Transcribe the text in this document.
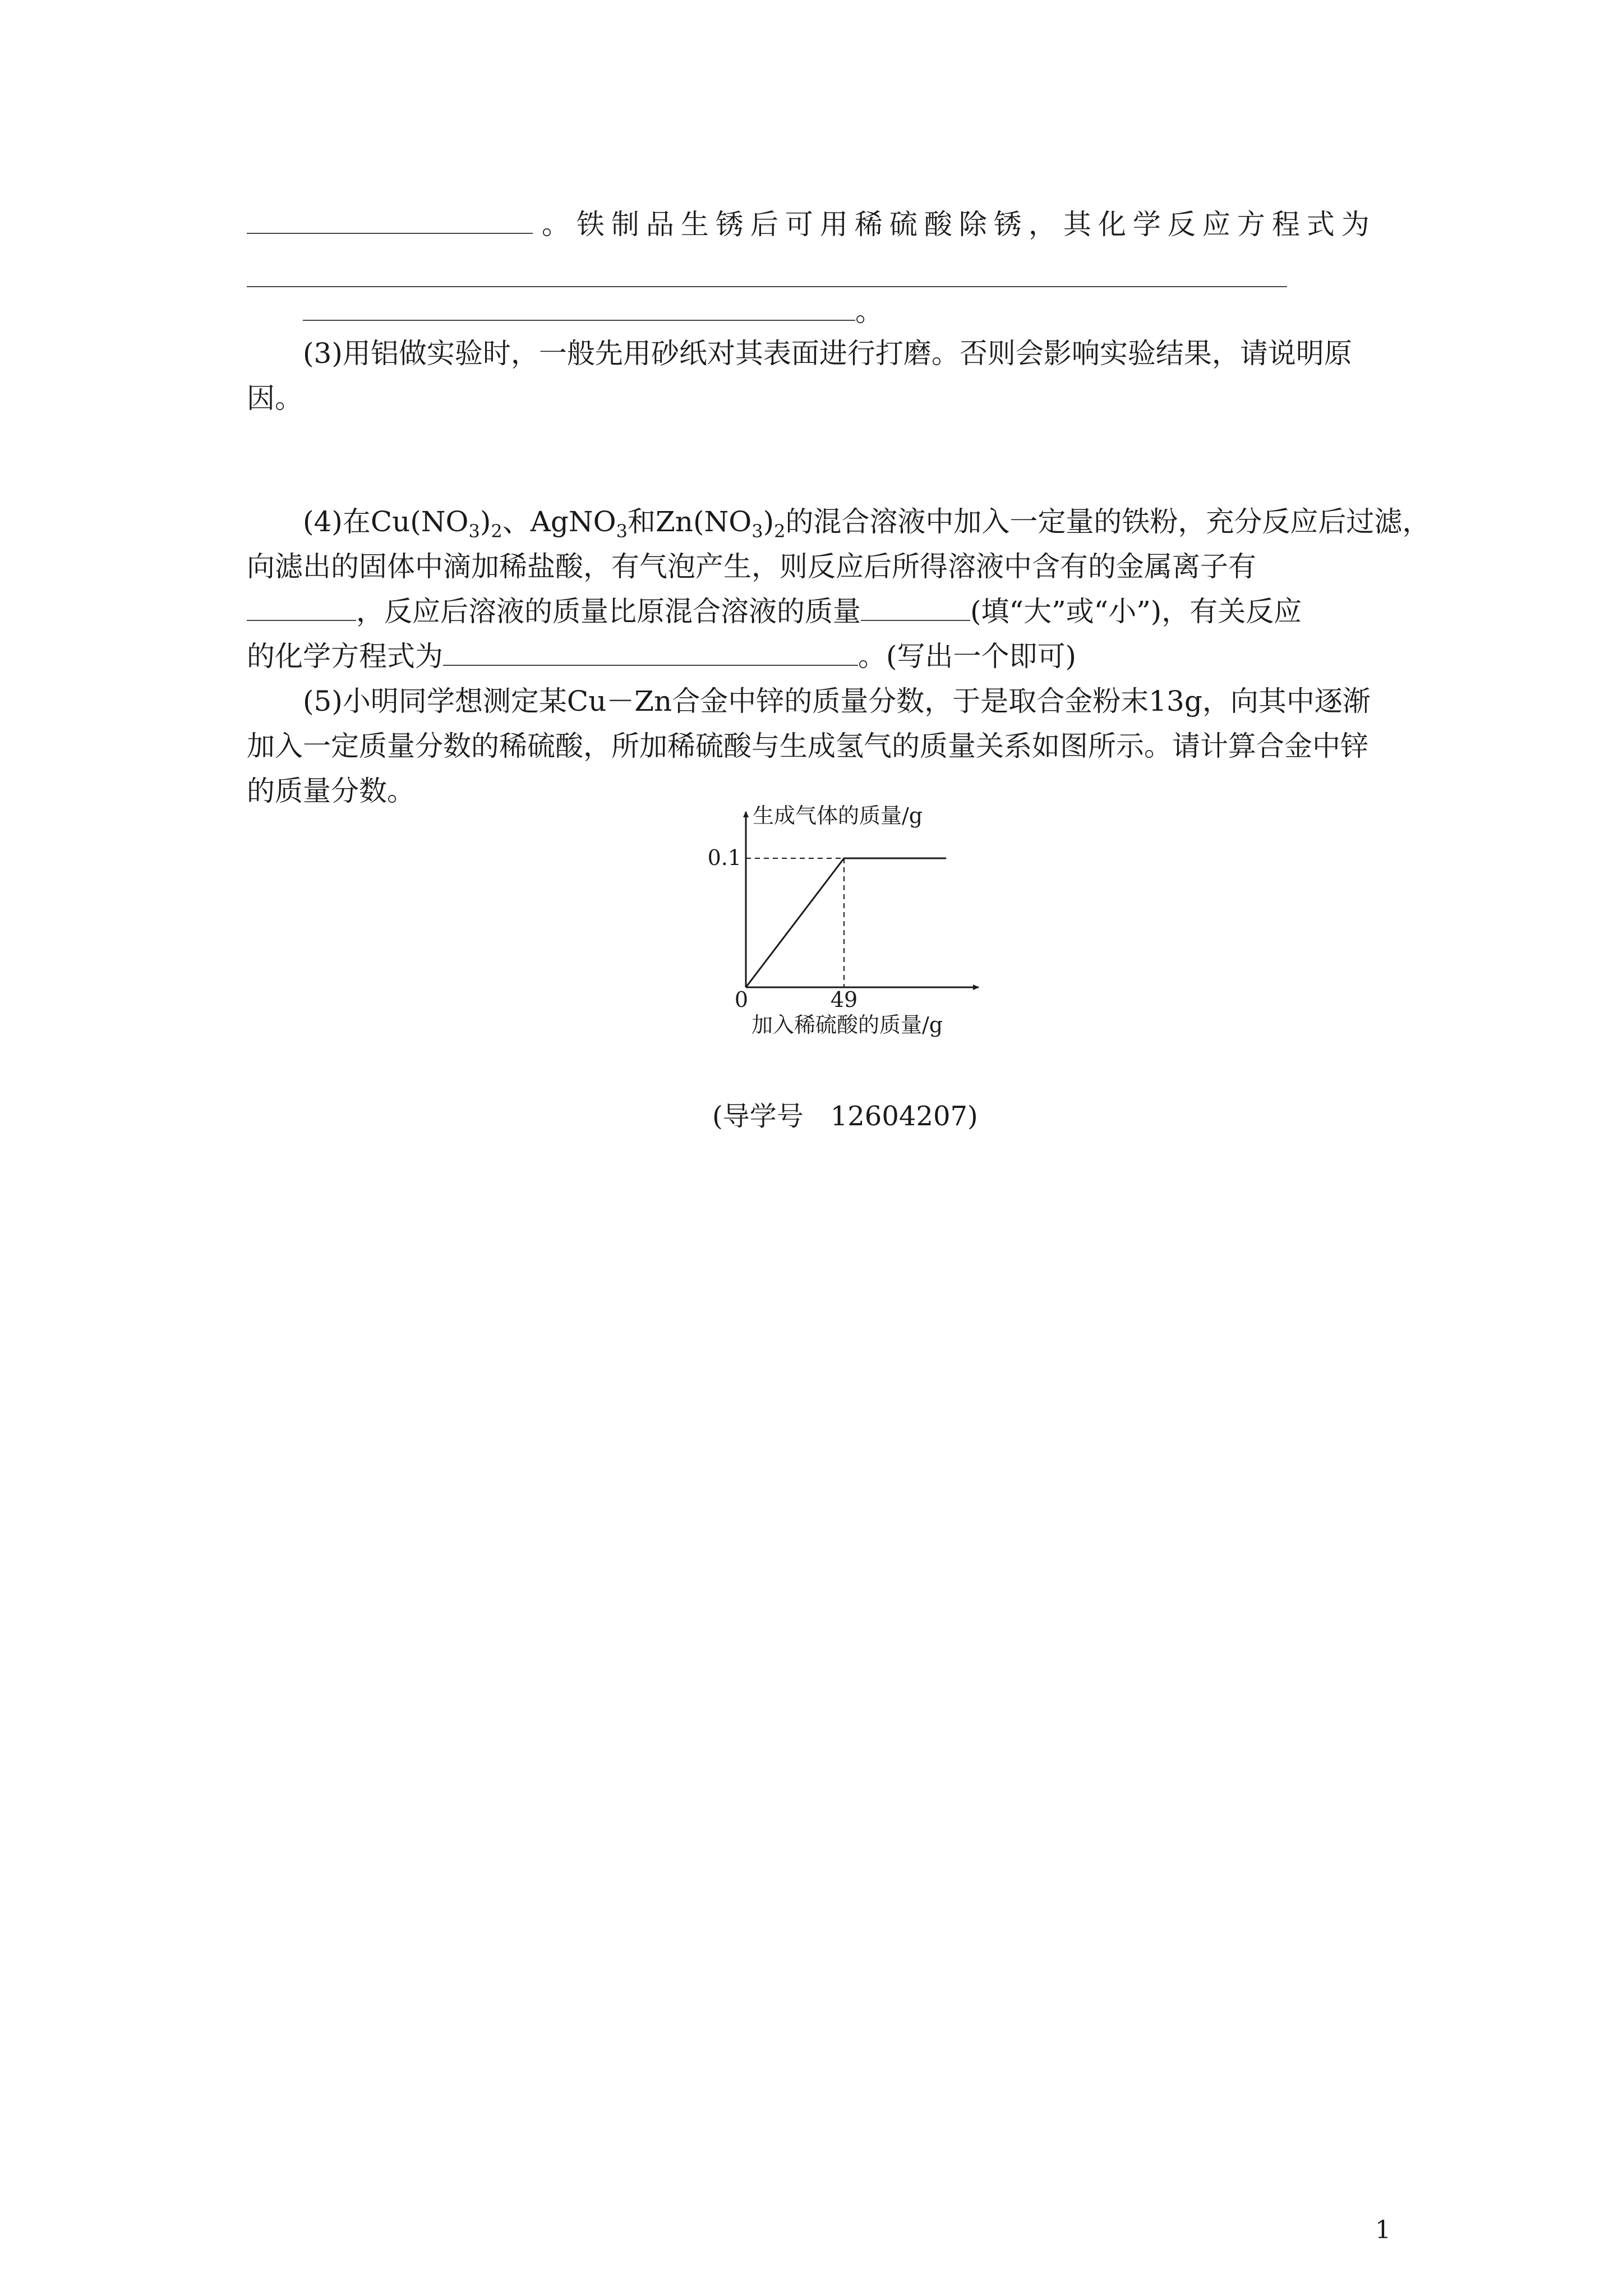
。铁制品生锈后可用稀硫酸除锈，其化学反应方程式为
。
(3)用铝做实验时，一般先用砂纸对其表面进行打磨。否则会影响实验结果，请说明原
因。
(4)在$Cu(NO_3)_2$、AgNO$_3$和$Zn(NO_3)_2$的混合溶液中加入一定量的铁粉，充分反应后过滤，
向滤出的固体中滴加稀盐酸，有气泡产生，则反应后所得溶液中含有的金属离子有
，反应后溶液的质量比原混合溶液的质量	(填“大”或“小”)，有关反应
的化学方程式为	。(写出一个即可)
(5)小明同学想测定某Cu－Zn合金中锌的质量分数，于是取合金粉末13g，向其中逐渐
加入一定质量分数的稀硫酸，所加稀硫酸与生成氢气的质量关系如图所示。请计算合金中锌
的质量分数。
生成气体的质量/g
0.1
0	49
加入稀硫酸的质量/g
(导学号　12604207)
1
